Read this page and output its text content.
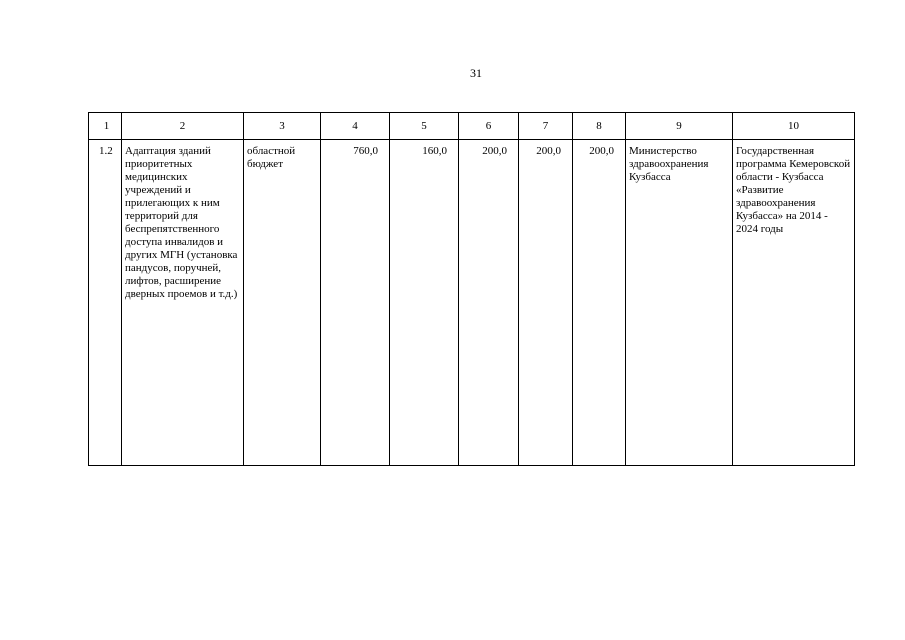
31
1	2	3	4	5	6	7	8	9	10
1.2	Адаптация зданий приоритетных медицинских учреждений и прилегающих к ним территорий для беспрепятственного доступа инвалидов и других МГН (установка пандусов, поручней, лифтов, расширение дверных проемов и т.д.)	областной бюджет	760,0	160,0	200,0	200,0	200,0	Министерство здравоохранения Кузбасса	Государственная программа Кемеровской области - Кузбасса «Развитие здравоохранения Кузбасса» на 2014 - 2024 годы
